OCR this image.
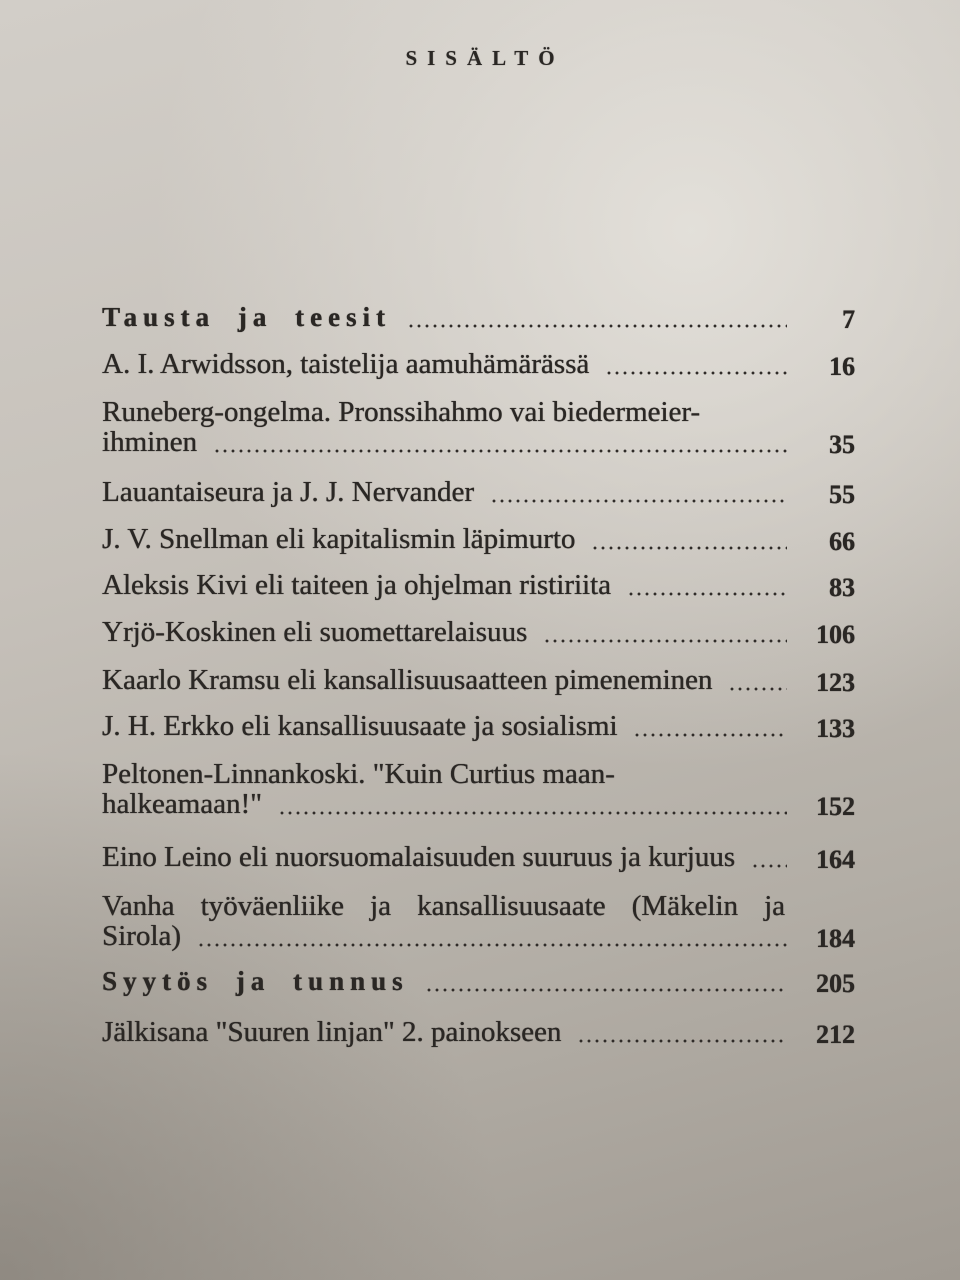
SISÄLTÖ
Tausta ja teesit	7
A. I. Arwidsson, taistelija aamuhämärässä	16
Runeberg-ongelma. Pronssihahmo vai biedermeier-
ihminen	35
Lauantaiseura ja J. J. Nervander	55
J. V. Snellman eli kapitalismin läpimurto	66
Aleksis Kivi eli taiteen ja ohjelman ristiriita	83
Yrjö-Koskinen eli suomettarelaisuus	106
Kaarlo Kramsu eli kansallisuusaatteen pimeneminen	123
J. H. Erkko eli kansallisuusaate ja sosialismi	133
Peltonen-Linnankoski. "Kuin Curtius maan-
halkeamaan!"	152
Eino Leino eli nuorsuomalaisuuden suuruus ja kurjuus	164
Vanha työväenliike ja kansallisuusaate (Mäkelin ja
Sirola)	184
Syytös ja tunnus	205
Jälkisana "Suuren linjan" 2. painokseen	212
